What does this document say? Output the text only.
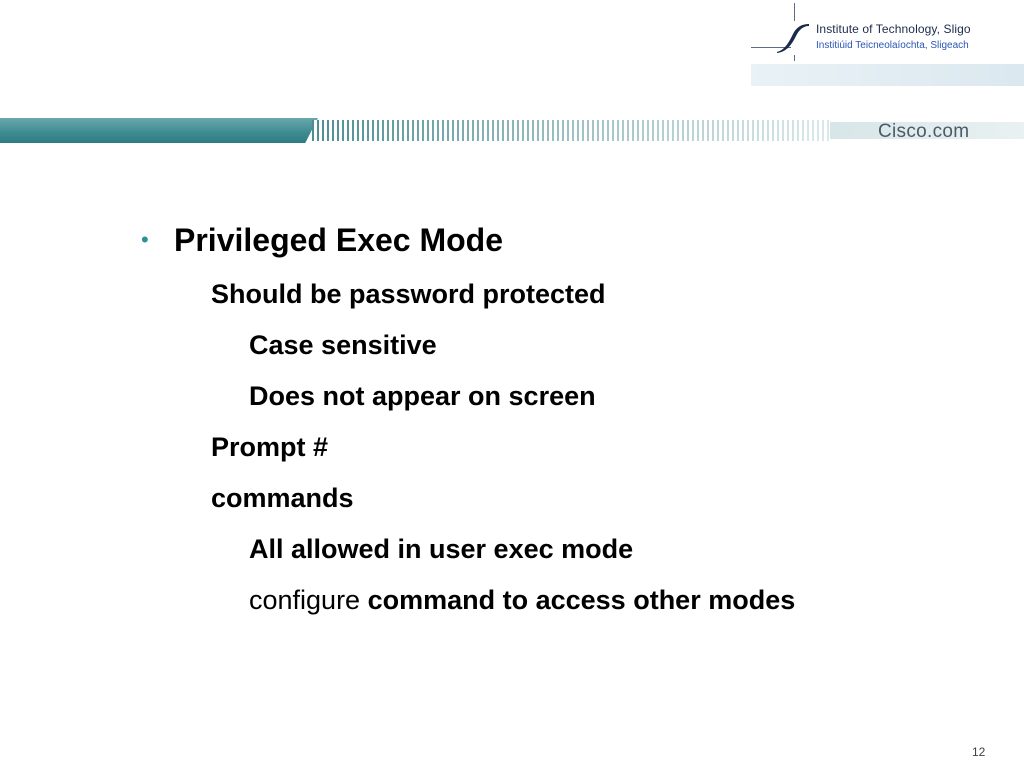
Institute of Technology, Sligo
Institiúid Teicneolaíochta, Sligeach
Cisco.com
• Privileged Exec Mode
Should be password protected
Case sensitive
Does not appear on screen
Prompt #
commands
All allowed in user exec mode
configure command to access other modes
12
